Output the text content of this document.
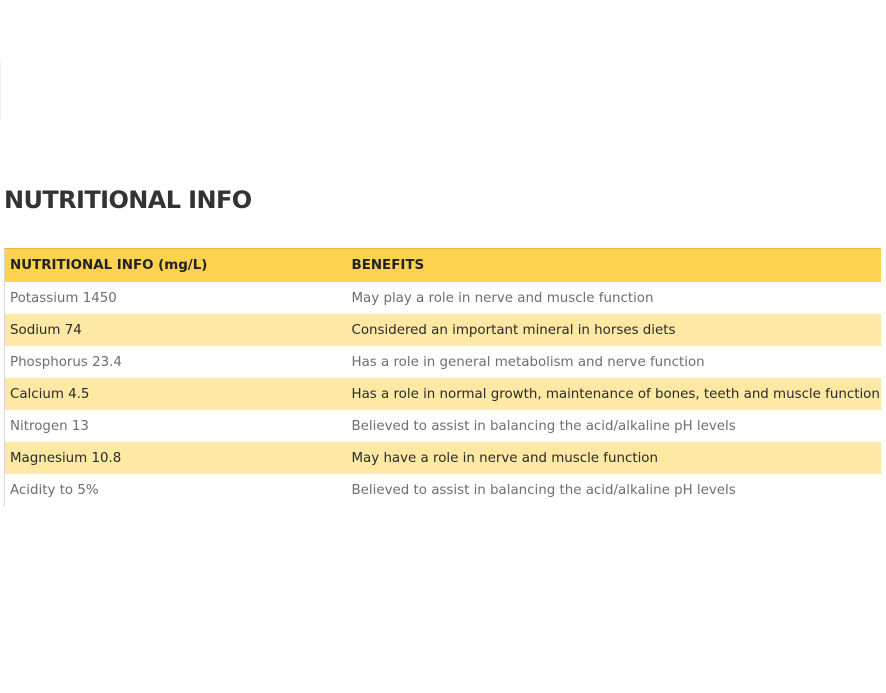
NUTRITIONAL INFO
NUTRITIONAL INFO (mg/L)	BENEFITS
Potassium 1450	May play a role in nerve and muscle function
Sodium 74	Considered an important mineral in horses diets
Phosphorus 23.4	Has a role in general metabolism and nerve function
Calcium 4.5	Has a role in normal growth, maintenance of bones, teeth and muscle function
Nitrogen 13	Believed to assist in balancing the acid/alkaline pH levels
Magnesium 10.8	May have a role in nerve and muscle function
Acidity to 5%	Believed to assist in balancing the acid/alkaline pH levels
